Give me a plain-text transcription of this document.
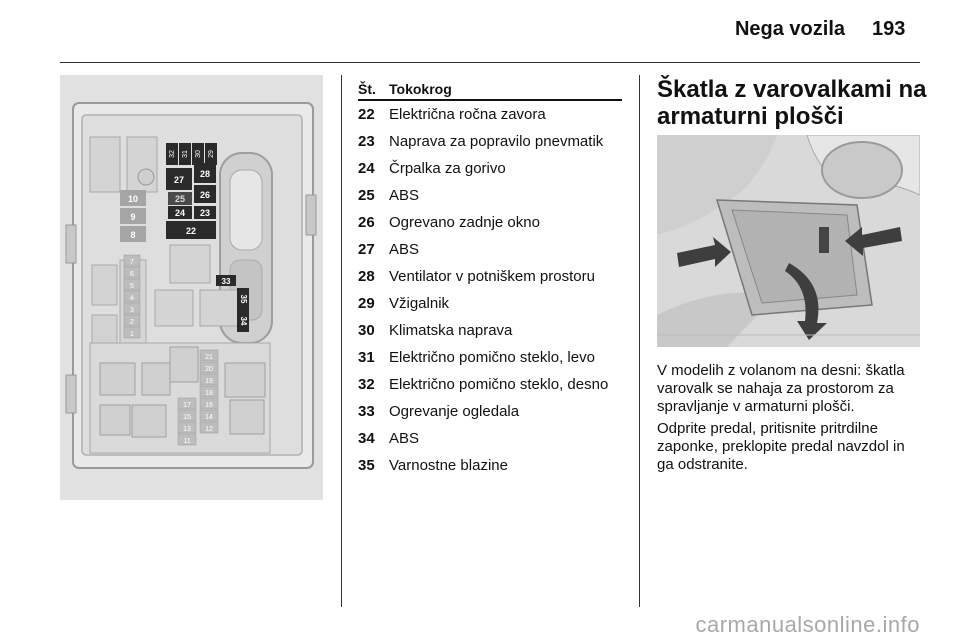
Nega vozila 193
32 31 30 29
27
28
26
25
24 23
22
10
9
8
33
35
34
7
6
5
4
3
2
1
21
20
19
18
17 16
15 14
13 12
11
Št. Tokokrog
22 Električna ročna zavora
23 Naprava za popravilo pnevmatik
24 Črpalka za gorivo
25 ABS
26 Ogrevano zadnje okno
27 ABS
28 Ventilator v potniškem prostoru
29 Vžigalnik
30 Klimatska naprava
31 Električno pomično steklo, levo
32 Električno pomično steklo, desno
33 Ogrevanje ogledala
34 ABS
35 Varnostne blazine
Škatla z varovalkami na armaturni plošči
V modelih z volanom na desni: škatla varovalk se nahaja za prostorom za spravljanje v armaturni plošči.
Odprite predal, pritisnite pritrdilne zaponke, preklopite predal navzdol in ga odstranite.
carmanualsonline.info
